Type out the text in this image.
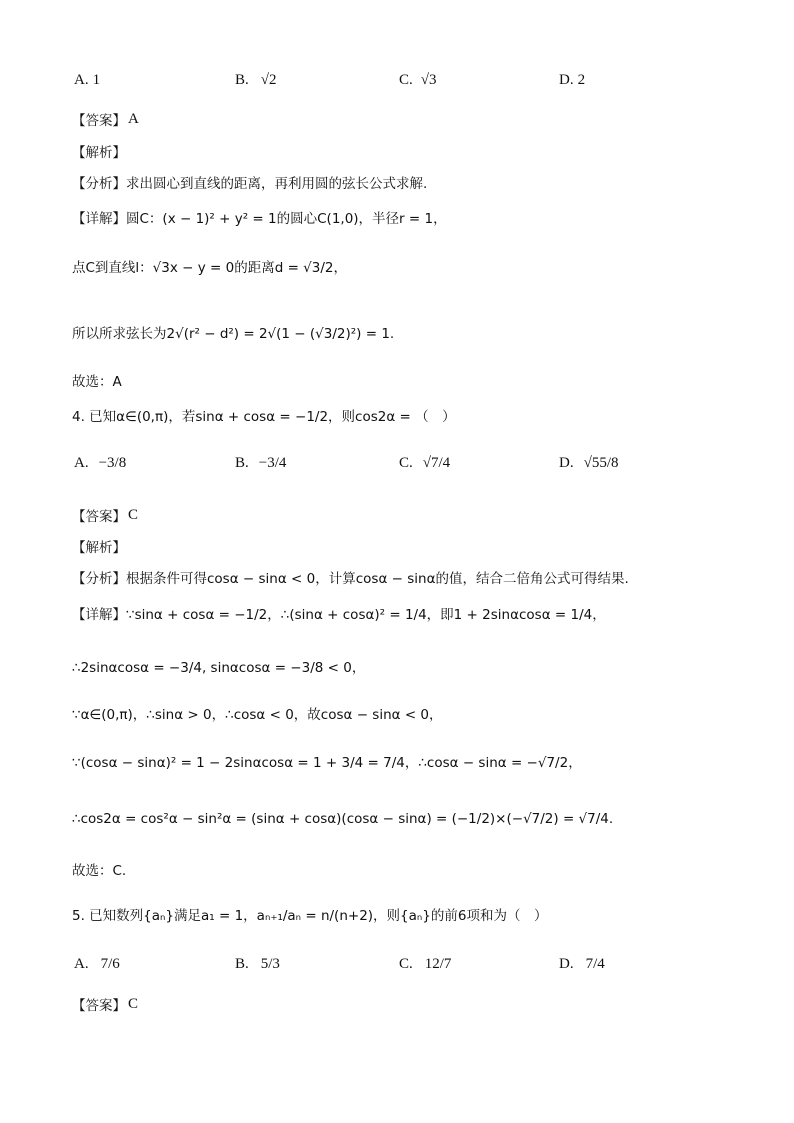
A. 1	B. √2	C. √3	D. 2
【答案】 A
【解析】
【分析】 求出圆心到直线的距离，再利用圆的弦长公式求解.
【详解】 圆C：(x − 1)² + y² = 1的圆心C(1,0)，半径r = 1，
点C到直线l：√3x − y = 0的距离d = √3/2，
所以所求弦长为2√(r² − d²) = 2√(1 − (√3/2)²) = 1.
故选：A
4. 已知α∈(0,π)，若sinα + cosα = −1/2，则cos2α = （　）
A. −3/8	B. −3/4	C. √7/4	D. √55/8
【答案】 C
【解析】
【分析】 根据条件可得cosα − sinα < 0，计算cosα − sinα的值，结合二倍角公式可得结果.
【详解】 ∵sinα + cosα = −1/2，∴(sinα + cosα)² = 1/4，即1 + 2sinαcosα = 1/4，
∴2sinαcosα = −3/4, sinαcosα = −3/8 < 0，
∵α∈(0,π)，∴sinα > 0，∴cosα < 0，故cosα − sinα < 0，
∵(cosα − sinα)² = 1 − 2sinαcosα = 1 + 3/4 = 7/4，∴cosα − sinα = −√7/2，
∴cos2α = cos²α − sin²α = (sinα + cosα)(cosα − sinα) = (−1/2)×(−√7/2) = √7/4.
故选：C.
5. 已知数列{aₙ}满足a₁ = 1，aₙ₊₁/aₙ = n/(n+2)，则{aₙ}的前6项和为（　）
A. 7/6	B. 5/3	C. 12/7	D. 7/4
【答案】 C
